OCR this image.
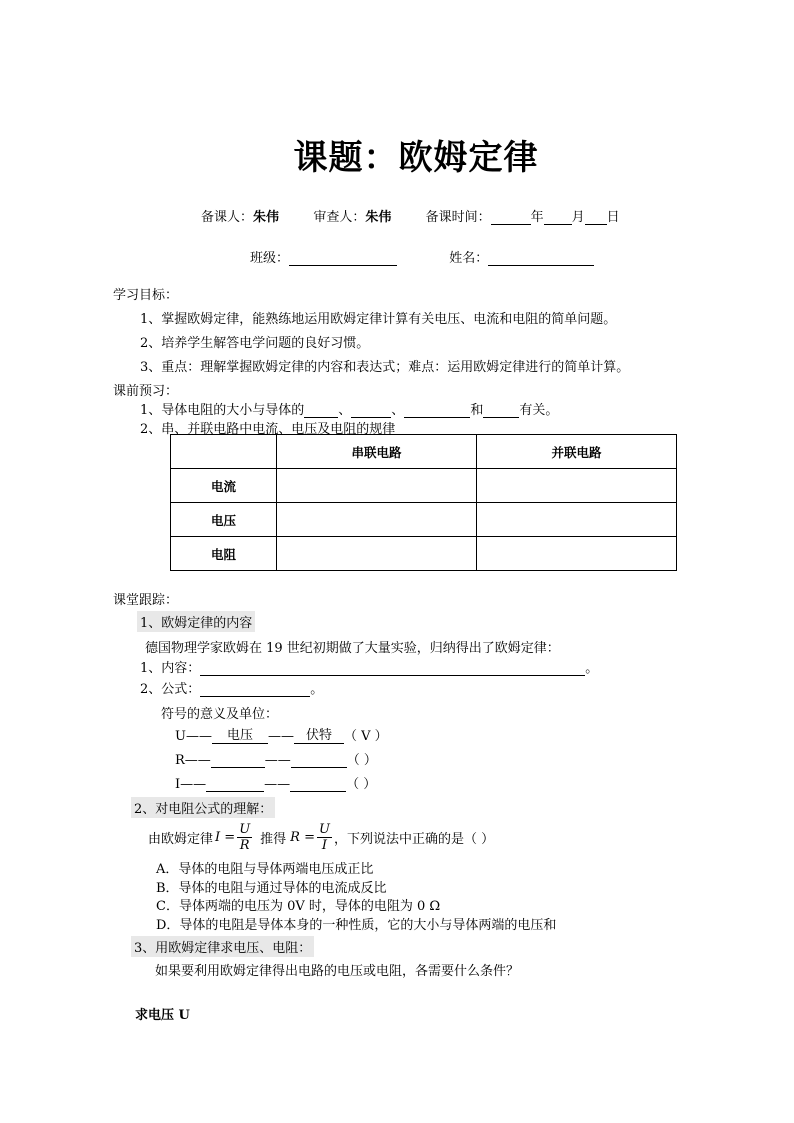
课题：欧姆定律
备课人：朱伟	审查人：朱伟	备课时间：	年 月 日
班级：	姓名：
学习目标：
1、掌握欧姆定律，能熟练地运用欧姆定律计算有关电压、电流和电阻的简单问题。
2、培养学生解答电学问题的良好习惯。
3、重点：理解掌握欧姆定律的内容和表达式；难点：运用欧姆定律进行的简单计算。
课前预习：
1、导体电阻的大小与导体的	、	、	和	有关。
2、串、并联电路中电流、电压及电阻的规律
	串联电路	并联电路
电流		
电压		
电阻		
课堂跟踪：
1、欧姆定律的内容
德国物理学家欧姆在 19 世纪初期做了大量实验，归纳得出了欧姆定律：
1、内容：	。
2、公式：	。
符号的意义及单位：
U—— 电压 —— 伏特 （ V ）
R——	——	（ ）
I——	——	（ ）
2、对电阻公式的理解：
由欧姆定律 $I = \frac{U}{R}$ 推得 $R = \frac{U}{I}$ ，下列说法中正确的是（ ）
A．导体的电阻与导体两端电压成正比
B．导体的电阻与通过导体的电流成反比
C．导体两端的电压为 0V 时，导体的电阻为 0 Ω
D．导体的电阻是导体本身的一种性质，它的大小与导体两端的电压和
3、用欧姆定律求电压、电阻：
如果要利用欧姆定律得出电路的电压或电阻，各需要什么条件？
求电压 U
